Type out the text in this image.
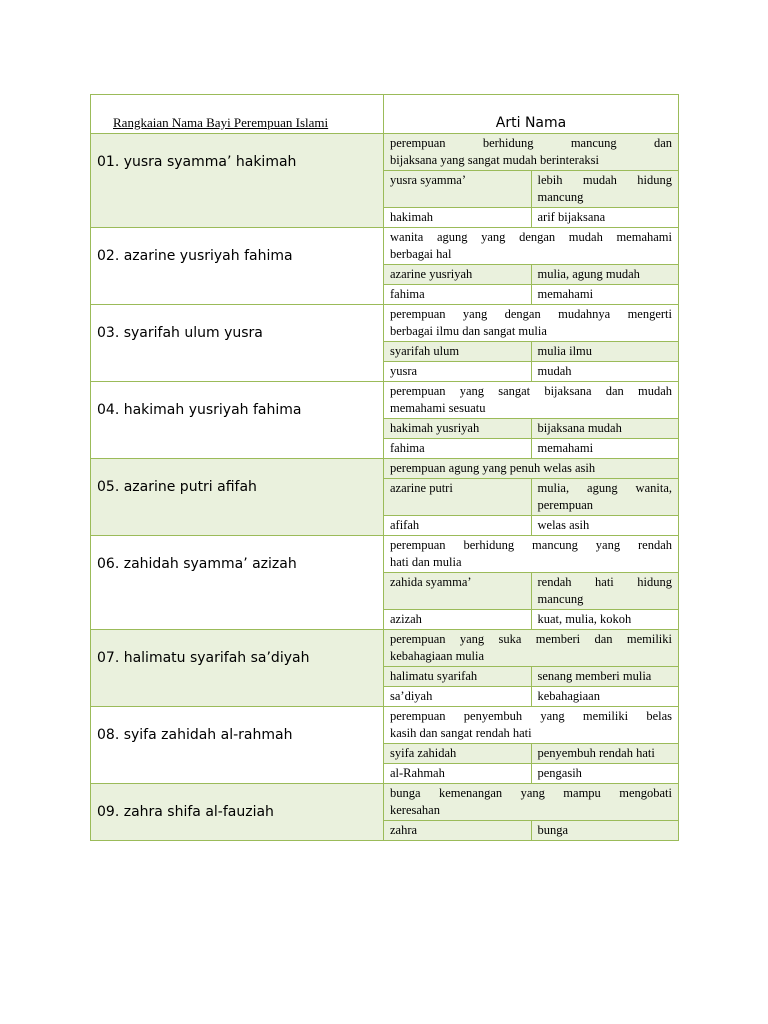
Rangkaian Nama Bayi Perempuan Islami	Arti Nama
01. yusra syamma’ hakimah	
perempuan berhidung mancung dan
bijaksana yang sangat mudah berinteraksi

yusra syamma’	lebih mudah hidung mancung
hakimah	arif bijaksana

02. azarine yusriyah fahima	
wanita agung yang dengan mudah memahami
berbagai hal

azarine yusriyah	mulia, agung mudah
fahima	memahami

03. syarifah ulum yusra	
perempuan yang dengan mudahnya mengerti
berbagai ilmu dan sangat mulia

syarifah ulum	mulia ilmu
yusra	mudah

04. hakimah yusriyah fahima	
perempuan yang sangat bijaksana dan mudah
memahami sesuatu

hakimah yusriyah	bijaksana mudah
fahima	memahami

05. azarine putri afifah	
perempuan agung yang penuh welas asih

azarine putri	mulia, agung wanita, perempuan
afifah	welas asih

06. zahidah syamma’ azizah	
perempuan berhidung mancung yang rendah
hati dan mulia

zahida syamma’	rendah hati hidung mancung
azizah	kuat, mulia, kokoh

07. halimatu syarifah sa’diyah	
perempuan yang suka memberi dan memiliki
kebahagiaan mulia

halimatu syarifah	senang memberi mulia
sa’diyah	kebahagiaan

08. syifa zahidah al-rahmah	
perempuan penyembuh yang memiliki belas
kasih dan sangat rendah hati

syifa zahidah	penyembuh rendah hati
al-Rahmah	pengasih

09. zahra shifa al-fauziah	
bunga kemenangan yang mampu mengobati
keresahan

zahra	bunga
